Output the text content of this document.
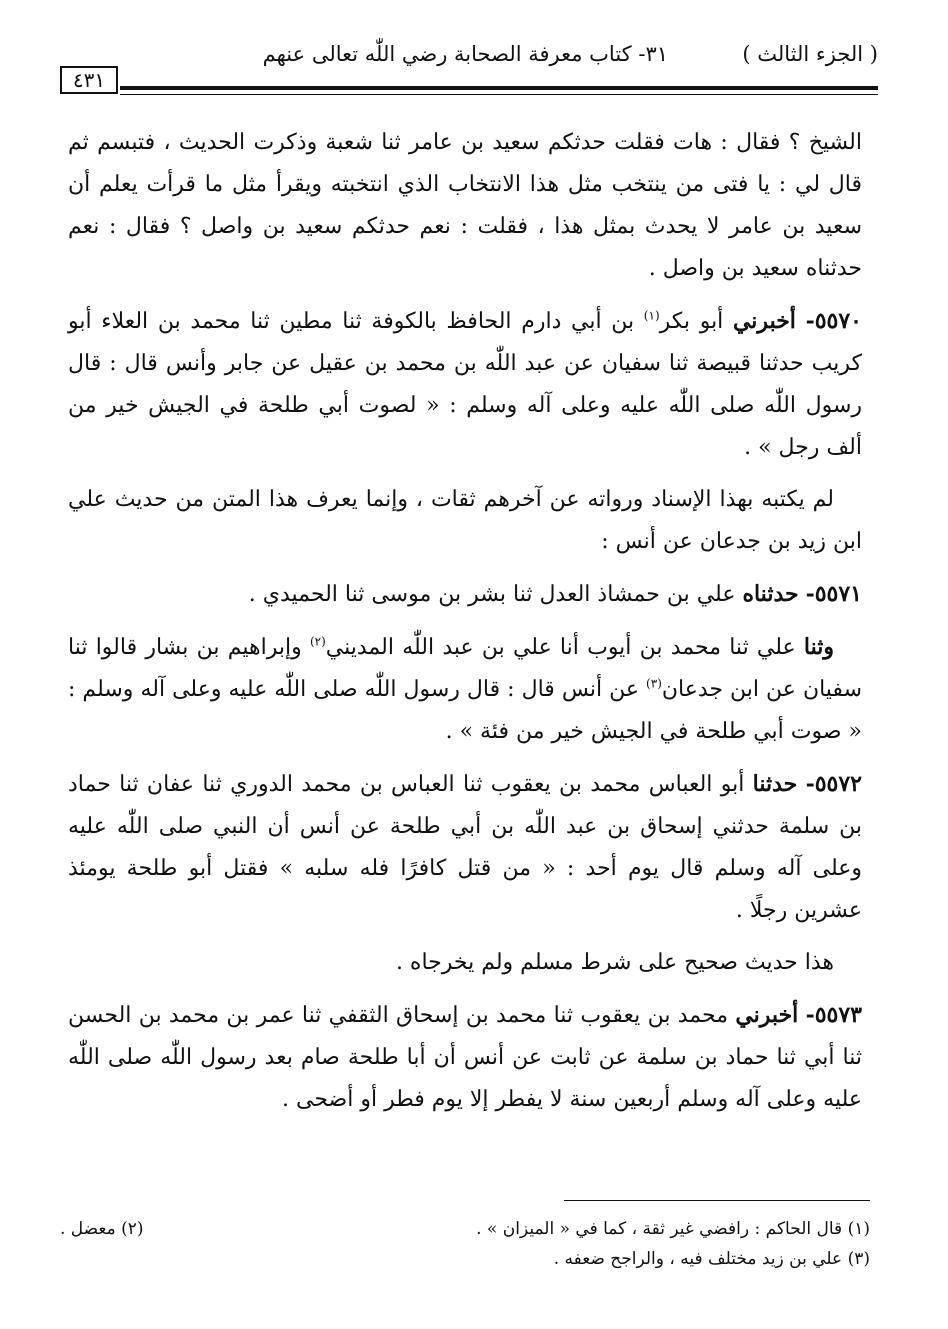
( الجزء الثالث )
٣١- كتاب معرفة الصحابة رضي اللّٰه تعالى عنهم
٤٣١

الشيخ ؟ فقال : هات فقلت حدثكم سعيد بن عامر ثنا شعبة وذكرت الحديث ، فتبسم ثم قال لي : يا فتى من ينتخب مثل هذا الانتخاب الذي انتخبته ويقرأ مثل ما قرأت يعلم أن سعيد بن عامر لا يحدث بمثل هذا ، فقلت : نعم حدثكم سعيد بن واصل ؟ فقال : نعم حدثناه سعيد بن واصل .

٥٥٧٠- أخبرني أبو بكر$^{(١)}$ بن أبي دارم الحافظ بالكوفة ثنا مطين ثنا محمد بن العلاء أبو كريب حدثنا قبيصة ثنا سفيان عن عبد اللّٰه بن محمد بن عقيل عن جابر وأنس قال : قال رسول اللّٰه صلى اللّٰه عليه وعلى آله وسلم : « لصوت أبي طلحة في الجيش خير من ألف رجل » .

لم يكتبه بهذا الإسناد ورواته عن آخرهم ثقات ، وإنما يعرف هذا المتن من حديث علي ابن زيد بن جدعان عن أنس :

٥٥٧١- حدثناه علي بن حمشاذ العدل ثنا بشر بن موسى ثنا الحميدي .

وثنا علي ثنا محمد بن أيوب أنا علي بن عبد اللّٰه المديني$^{(٢)}$ وإبراهيم بن بشار قالوا ثنا سفيان عن ابن جدعان$^{(٣)}$ عن أنس قال : قال رسول اللّٰه صلى اللّٰه عليه وعلى آله وسلم : « صوت أبي طلحة في الجيش خير من فئة » .

٥٥٧٢- حدثنا أبو العباس محمد بن يعقوب ثنا العباس بن محمد الدوري ثنا عفان ثنا حماد بن سلمة حدثني إسحاق بن عبد اللّٰه بن أبي طلحة عن أنس أن النبي صلى اللّٰه عليه وعلى آله وسلم قال يوم أحد : « من قتل كافرًا فله سلبه » فقتل أبو طلحة يومئذ عشرين رجلًا .

هذا حديث صحيح على شرط مسلم ولم يخرجاه .

٥٥٧٣- أخبرني محمد بن يعقوب ثنا محمد بن إسحاق الثقفي ثنا عمر بن محمد بن الحسن ثنا أبي ثنا حماد بن سلمة عن ثابت عن أنس أن أبا طلحة صام بعد رسول اللّٰه صلى اللّٰه عليه وعلى آله وسلم أربعين سنة لا يفطر إلا يوم فطر أو أضحى .

(١) قال الحاكم : رافضي غير ثقة ، كما في « الميزان » .
(٢) معضل .
(٣) علي بن زيد مختلف فيه ، والراجح ضعفه .
